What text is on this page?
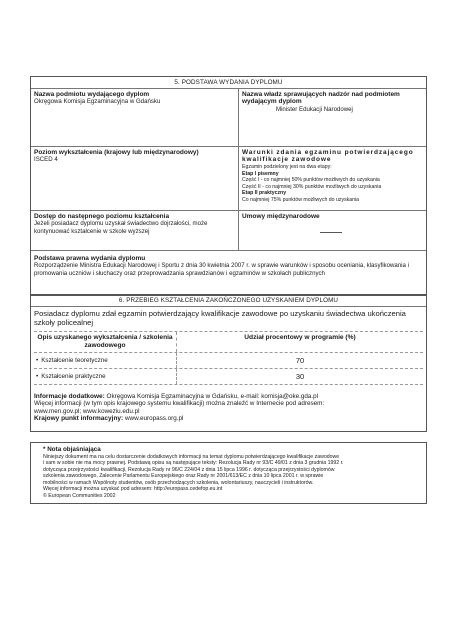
5. PODSTAWA WYDANIA DYPLOMU
Nazwa podmiotu wydającego dyplom
Okręgowa Komisja Egzaminacyjna w Gdańsku
Nazwa władz sprawujących nadzór nad podmiotem wydającym dyplom
Minister Edukacji Narodowej
Poziom wykształcenia (krajowy lub międzynarodowy)
ISCED 4
Warunki zdania egzaminu potwierdzającego kwalifikacje zawodowe
Egzamin podzielony jest na dwa etapy:
Etap I pisemny
Część I - co najmniej 50% punktów możliwych do uzyskania
Część II - co najmniej 30% punktów możliwych do uzyskania
Etap II praktyczny
Co najmniej 75% punktów możliwych do uzyskania
Dostęp do następnego poziomu kształcenia
Jeżeli posiadacz dyplomu uzyskał świadectwo dojrzałości, może kontynuować kształcenie w szkole wyższej
Umowy międzynarodowe
Podstawa prawna wydania dyplomu
Rozporządzenie Ministra Edukacji Narodowej i Sportu z dnia 30 kwietnia 2007 r. w sprawie warunków i sposobu oceniania, klasyfikowania i promowania uczniów i słuchaczy oraz przeprowadzania sprawdzianów i egzaminów w szkołach publicznych
6. PRZEBIEG KSZTAŁCENIA ZAKOŃCZONEGO UZYSKANIEM DYPLOMU
Posiadacz dyplomu zdał egzamin potwierdzający kwalifikacje zawodowe po uzyskaniu świadectwa ukończenia szkoły policealnej
Opis uzyskanego wykształcenia / szkolenia zawodowego
Udział procentowy w programie (%)
• Kształcenie teoretyczne	70
• Kształcenie praktyczne	30
Informacje dodatkowe: Okręgowa Komisja Egzaminacyjna w Gdańsku, e-mail: komisja@oke.gda.pl
Więcej informacji (w tym opis krajowego systemu kwalifikacji) można znaleźć w Internecie pod adresem:
www.men.gov.pl; www.koweziu.edu.pl
Krajowy punkt informacyjny: www.europass.org.pl
* Nota objaśniająca
Niniejszy dokument ma na celu dostarczenie dodatkowych informacji na temat dyplomu potwierdzającego kwalifikacje zawodowe
i sam w sobie nie ma mocy prawnej. Podstawą opisu są następujące teksty: Rezolucja Rady nr 93/C 49/01 z dnia 3 grudnia 1992 r.
dotycząca przejrzystości kwalifikacji, Rezolucja Rady nr 96/C 224/04 z dnia 15 lipca 1996 r. dotycząca przejrzystości dyplomów
szkolenia zawodowego, Zalecenie Parlamentu Europejskiego oraz Rady nr 2001/613/EC z dnia 10 lipca 2001 r. w sprawie
mobilności w ramach Wspólnoty studentów, osób przechodzących szkolenia, wolontariuszy, nauczycieli i instruktorów.
Więcej informacji można uzyskać pod adresem: http://europass.cedefop.eu.int
© European Communities 2002
